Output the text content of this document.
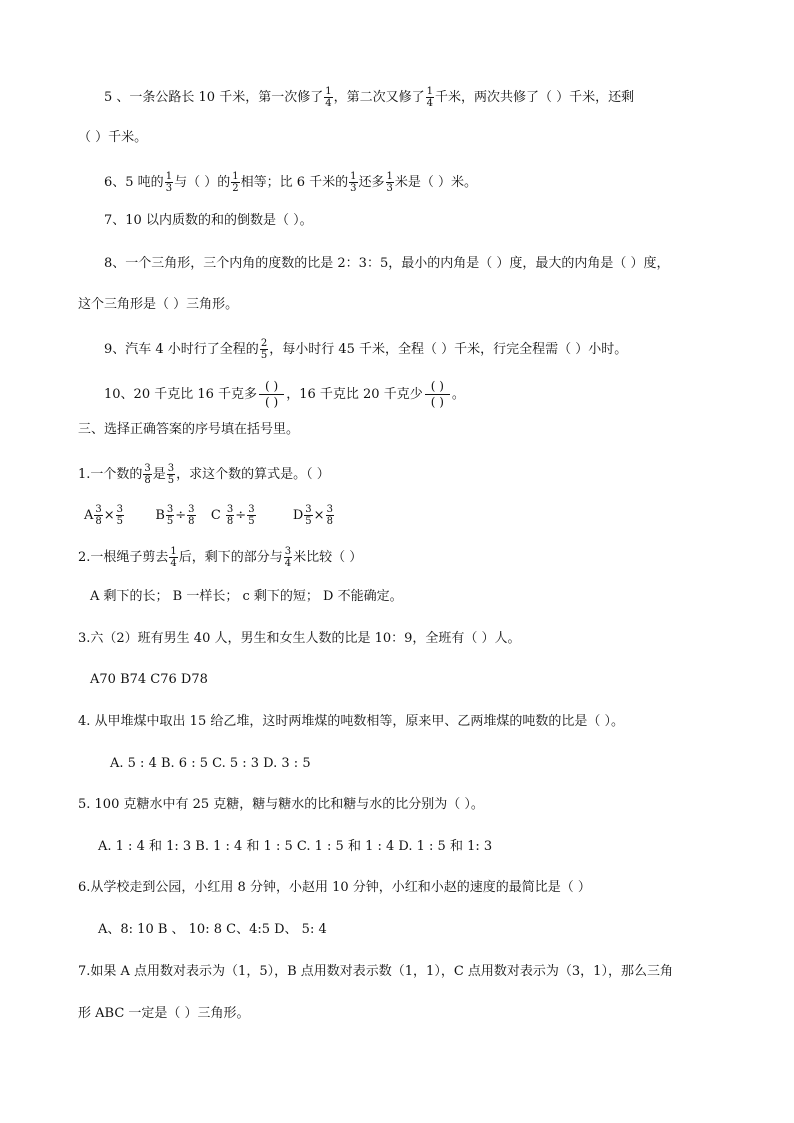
5 、一条公路长 10 千米，第一次修了 $\frac{1}{4}$ ，第二次又修了 $\frac{1}{4}$ 千米，两次共修了（ ）千米，还剩
（ ）千米。
6、5 吨的 $\frac{1}{3}$ 与（ ）的 $\frac{1}{2}$ 相等；比 6 千米的 $\frac{1}{3}$ 还多 $\frac{1}{3}$ 米是（ ）米。
7、10 以内质数的和的倒数是（ ）。
8、一个三角形，三个内角的度数的比是 2：3：5，最小的内角是（ ）度，最大的内角是（ ）度，
这个三角形是（ ）三角形。
9、汽车 4 小时行了全程的 $\frac{2}{5}$ ，每小时行 45 千米，全程（ ）千米，行完全程需（ ）小时。
10、20 千克比 16 千克多 $\frac{( )}{( )}$ ，16 千克比 20 千克少 $\frac{( )}{( )}$ 。
三、选择正确答案的序号填在括号里。
1.一个数的 $\frac{3}{8}$ 是 $\frac{3}{5}$ ，求这个数的算式是。（ ）
A $\frac{3}{8} \times \frac{3}{5}$ B $\frac{3}{5} \div \frac{3}{8}$ C $\frac{3}{8} \div \frac{3}{5}$	D $\frac{3}{5} \times \frac{3}{8}$
2.一根绳子剪去 $\frac{1}{4}$ 后，剩下的部分与 $\frac{3}{4}$ 米比较（ ）
A 剩下的长； B 一样长； c 剩下的短； D 不能确定。
3.六（2）班有男生 40 人，男生和女生人数的比是 10：9，全班有（ ）人。
A70 B74 C76 D78
4. 从甲堆煤中取出 15 给乙堆，这时两堆煤的吨数相等，原来甲、乙两堆煤的吨数的比是（ ）。
A. 5 : 4 B. 6 : 5 C. 5 : 3 D. 3 : 5
5. 100 克糖水中有 25 克糖，糖与糖水的比和糖与水的比分别为（ ）。
A. 1 : 4 和 1: 3 B. 1 : 4 和 1 : 5 C. 1 : 5 和 1 : 4 D. 1 : 5 和 1: 3
6.从学校走到公园，小红用 8 分钟，小赵用 10 分钟，小红和小赵的速度的最简比是（ ）
A、8: 10 B 、 10: 8 C、4:5 D、 5: 4
7.如果 A 点用数对表示为（1，5），B 点用数对表示数（1，1），C 点用数对表示为（3，1），那么三角
形 ABC 一定是（ ）三角形。
